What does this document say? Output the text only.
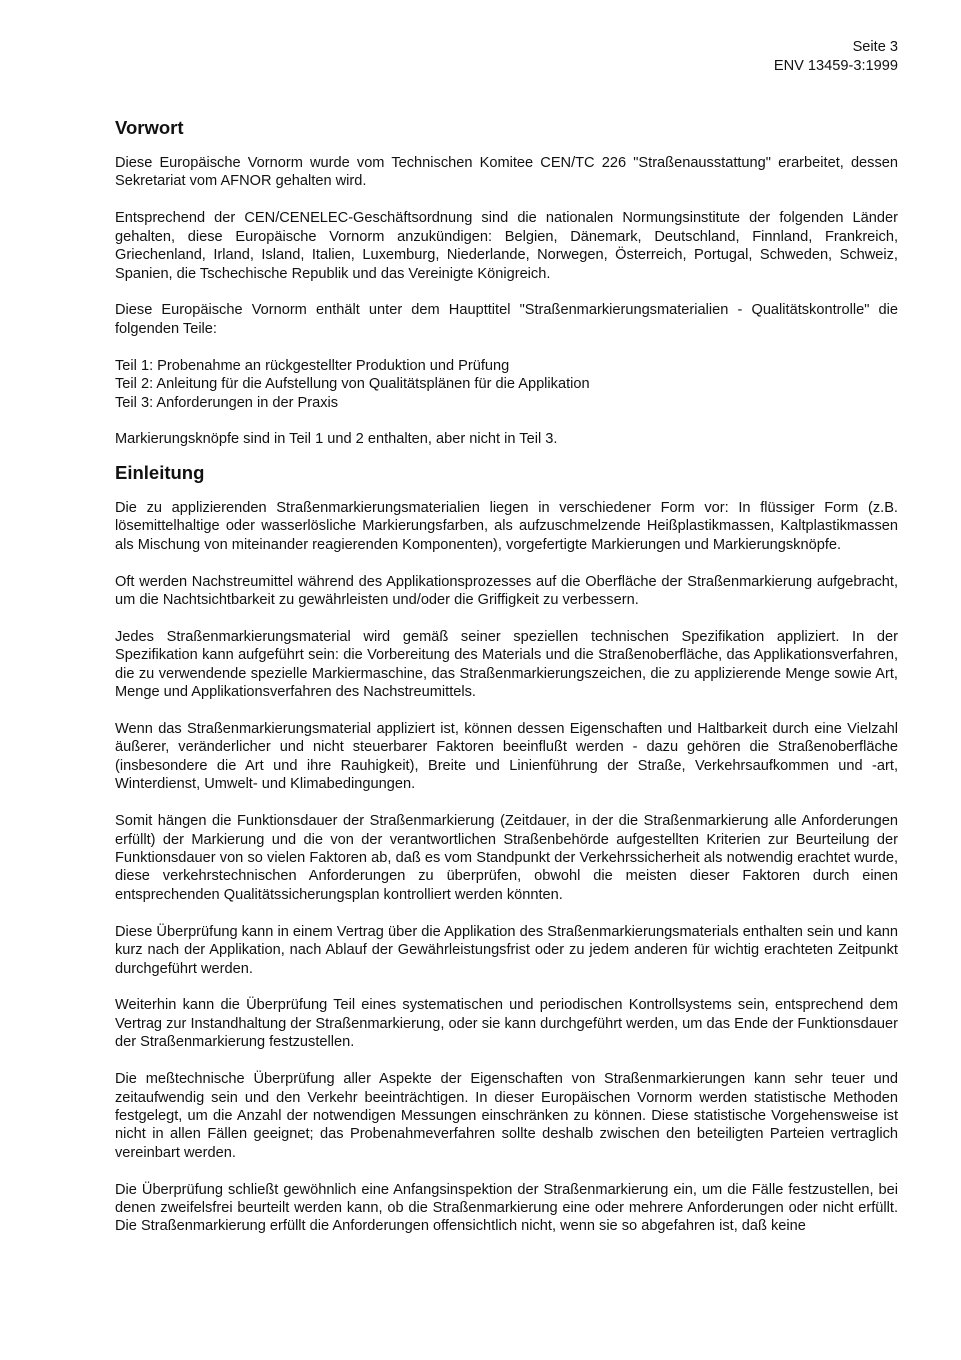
Seite 3
ENV 13459-3:1999
Vorwort

Diese Europäische Vornorm wurde vom Technischen Komitee CEN/TC 226 "Straßenausstattung" erarbeitet, dessen Sekretariat vom AFNOR gehalten wird.

Entsprechend der CEN/CENELEC-Geschäftsordnung sind die nationalen Normungsinstitute der folgenden Länder gehalten, diese Europäische Vornorm anzukündigen: Belgien, Dänemark, Deutschland, Finnland, Frankreich, Griechenland, Irland, Island, Italien, Luxemburg, Niederlande, Norwegen, Österreich, Portugal, Schweden, Schweiz, Spanien, die Tschechische Republik und das Vereinigte Königreich.

Diese Europäische Vornorm enthält unter dem Haupttitel "Straßenmarkierungsmaterialien - Qualitätskontrolle" die folgenden Teile:

Teil 1: Probenahme an rückgestellter Produktion und Prüfung
Teil 2: Anleitung für die Aufstellung von Qualitätsplänen für die Applikation
Teil 3: Anforderungen in der Praxis

Markierungsknöpfe sind in Teil 1 und 2 enthalten, aber nicht in Teil 3.

Einleitung

Die zu applizierenden Straßenmarkierungsmaterialien liegen in verschiedener Form vor: In flüssiger Form (z.B. lösemittelhaltige oder wasserlösliche Markierungsfarben, als aufzuschmelzende Heißplastikmassen, Kaltplastikmassen als Mischung von miteinander reagierenden Komponenten), vorgefertigte Markierungen und Markierungsknöpfe.

Oft werden Nachstreumittel während des Applikationsprozesses auf die Oberfläche der Straßenmarkierung aufgebracht, um die Nachtsichtbarkeit zu gewährleisten und/oder die Griffigkeit zu verbessern.

Jedes Straßenmarkierungsmaterial wird gemäß seiner speziellen technischen Spezifikation appliziert. In der Spezifikation kann aufgeführt sein: die Vorbereitung des Materials und die Straßenoberfläche, das Applikationsverfahren, die zu verwendende spezielle Markiermaschine, das Straßenmarkierungszeichen, die zu applizierende Menge sowie Art, Menge und Applikationsverfahren des Nachstreumittels.

Wenn das Straßenmarkierungsmaterial appliziert ist, können dessen Eigenschaften und Haltbarkeit durch eine Vielzahl äußerer, veränderlicher und nicht steuerbarer Faktoren beeinflußt werden - dazu gehören die Straßenoberfläche (insbesondere die Art und ihre Rauhigkeit), Breite und Linienführung der Straße, Verkehrsaufkommen und -art, Winterdienst, Umwelt- und Klimabedingungen.

Somit hängen die Funktionsdauer der Straßenmarkierung (Zeitdauer, in der die Straßenmarkierung alle Anforderungen erfüllt) der Markierung und die von der verantwortlichen Straßenbehörde aufgestellten Kriterien zur Beurteilung der Funktionsdauer von so vielen Faktoren ab, daß es vom Standpunkt der Verkehrssicherheit als notwendig erachtet wurde, diese verkehrstechnischen Anforderungen zu überprüfen, obwohl die meisten dieser Faktoren durch einen entsprechenden Qualitätssicherungsplan kontrolliert werden könnten.

Diese Überprüfung kann in einem Vertrag über die Applikation des Straßenmarkierungsmaterials enthalten sein und kann kurz nach der Applikation, nach Ablauf der Gewährleistungsfrist oder zu jedem anderen für wichtig erachteten Zeitpunkt durchgeführt werden.

Weiterhin kann die Überprüfung Teil eines systematischen und periodischen Kontrollsystems sein, entsprechend dem Vertrag zur Instandhaltung der Straßenmarkierung, oder sie kann durchgeführt werden, um das Ende der Funktionsdauer der Straßenmarkierung festzustellen.

Die meßtechnische Überprüfung aller Aspekte der Eigenschaften von Straßenmarkierungen kann sehr teuer und zeitaufwendig sein und den Verkehr beeinträchtigen. In dieser Europäischen Vornorm werden statistische Methoden festgelegt, um die Anzahl der notwendigen Messungen einschränken zu können. Diese statistische Vorgehensweise ist nicht in allen Fällen geeignet; das Probenahmeverfahren sollte deshalb zwischen den beteiligten Parteien vertraglich vereinbart werden.

Die Überprüfung schließt gewöhnlich eine Anfangsinspektion der Straßenmarkierung ein, um die Fälle festzustellen, bei denen zweifelsfrei beurteilt werden kann, ob die Straßenmarkierung eine oder mehrere Anforderungen oder nicht erfüllt. Die Straßenmarkierung erfüllt die Anforderungen offensichtlich nicht, wenn sie so abgefahren ist, daß keine
